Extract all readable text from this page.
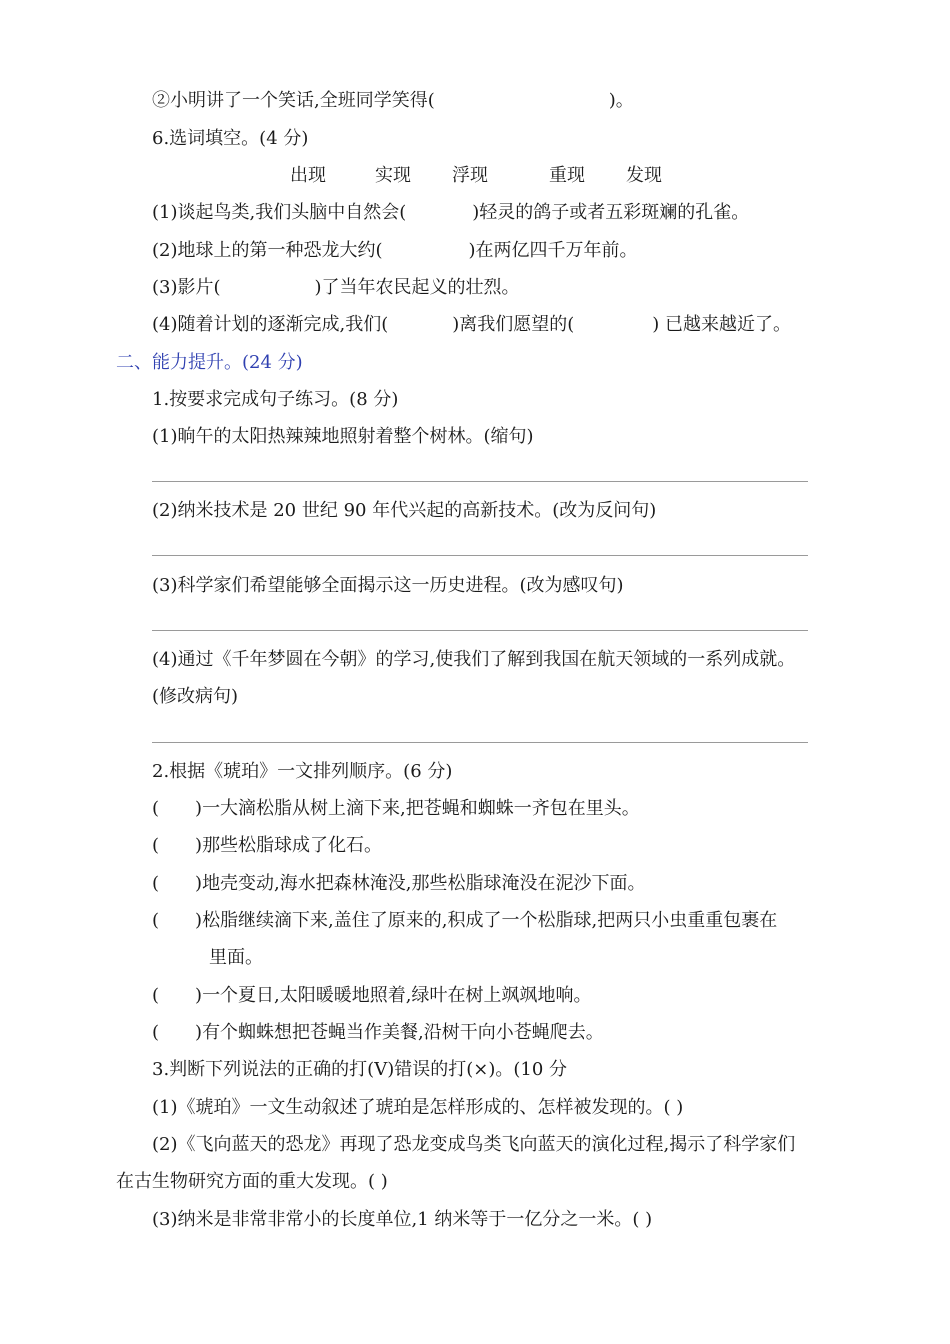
②小明讲了一个笑话,全班同学笑得(	)。
6.选词填空。(4 分)
出现	实现 浮现	重现 发现
(1)谈起鸟类,我们头脑中自然会(	)轻灵的鸽子或者五彩斑斓的孔雀。
(2)地球上的第一种恐龙大约(	)在两亿四千万年前。
(3)影片(	)了当年农民起义的壮烈。
(4)随着计划的逐渐完成,我们(	)离我们愿望的(	) 已越来越近了。
二、能力提升。(24 分)
1.按要求完成句子练习。(8 分)
(1)晌午的太阳热辣辣地照射着整个树林。(缩句)
(2)纳米技术是 20 世纪 90 年代兴起的高新技术。(改为反问句)
(3)科学家们希望能够全面揭示这一历史进程。(改为感叹句)
(4)通过《千年梦圆在今朝》的学习,使我们了解到我国在航天领域的一系列成就。
(修改病句)
2.根据《琥珀》一文排列顺序。(6 分)
( )一大滴松脂从树上滴下来,把苍蝇和蜘蛛一齐包在里头。
( )那些松脂球成了化石。
( )地壳变动,海水把森林淹没,那些松脂球淹没在泥沙下面。
( )松脂继续滴下来,盖住了原来的,积成了一个松脂球,把两只小虫重重包裹在
里面。
( )一个夏日,太阳暖暖地照着,绿叶在树上飒飒地响。
( )有个蜘蛛想把苍蝇当作美餐,沿树干向小苍蝇爬去。
3.判断下列说法的正确的打(V)错误的打(×)。(10 分
(1)《琥珀》一文生动叙述了琥珀是怎样形成的、怎样被发现的。( )
(2)《飞向蓝天的恐龙》再现了恐龙变成鸟类飞向蓝天的演化过程,揭示了科学家们
在古生物研究方面的重大发现。( )
(3)纳米是非常非常小的长度单位,1 纳米等于一亿分之一米。( )
